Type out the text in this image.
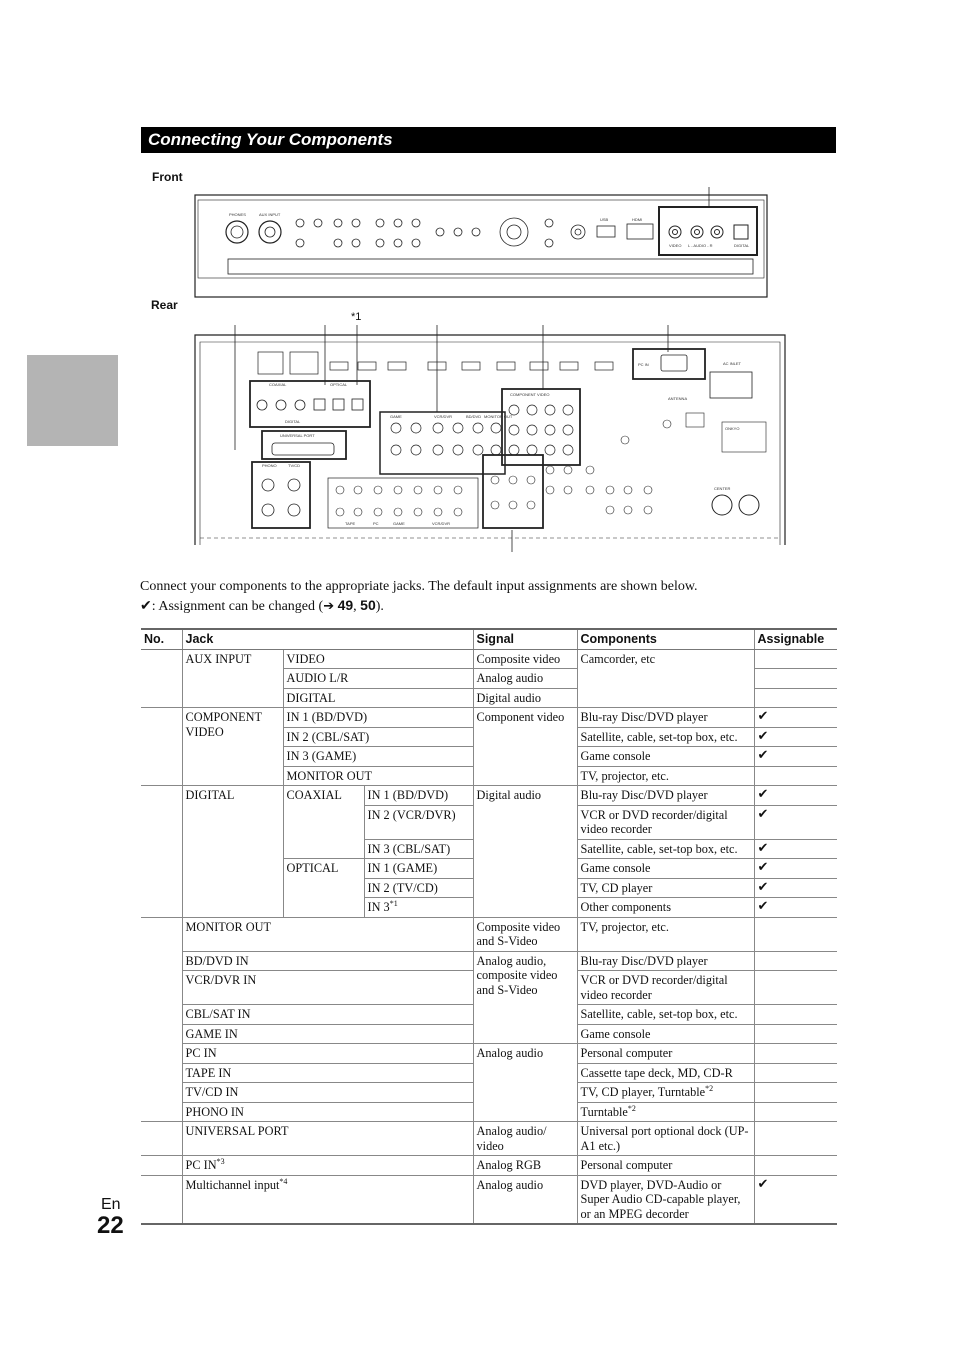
Connecting Your Components
Front
Rear
*1
PHONES	AUX INPUT
VIDEO L - AUDIO - R	DIGITAL
USB	HDMI
COAXIAL	OPTICAL
DIGITAL
UNIVERSAL PORT
PHONO	TV/CD
GAME	VCR/DVR	BD/DVD MONITOR OUT
COMPONENT VIDEO
TAPE	PC	GAME	VCR/DVR
PC IN	AC INLET
ANTENNA
ONKYO
CENTER
Connect your components to the appropriate jacks. The default input assignments are shown below.
✔: Assignment can be changed (➔ 49, 50).
No.	Jack			Signal	Components	Assignable
	AUX INPUT	VIDEO		Composite video	Camcorder, etc	
		AUDIO L/R		Analog audio		
		DIGITAL		Digital audio		
	COMPONENT VIDEO	IN 1 (BD/DVD)		Component video	Blu-ray Disc/DVD player	✔
		IN 2 (CBL/SAT)			Satellite, cable, set-top box, etc.	✔
		IN 3 (GAME)			Game console	✔
		MONITOR OUT			TV, projector, etc.	
	DIGITAL	COAXIAL	IN 1 (BD/DVD)	Digital audio	Blu-ray Disc/DVD player	✔
			IN 2 (VCR/DVR)		VCR or DVD recorder/digital video recorder	✔
			IN 3 (CBL/SAT)		Satellite, cable, set-top box, etc.	✔
		OPTICAL	IN 1 (GAME)		Game console	✔
			IN 2 (TV/CD)		TV, CD player	✔
			IN 3$^{*1}$		Other components	✔
	MONITOR OUT			Composite video and S-Video	TV, projector, etc.	
	BD/DVD IN			Analog audio, composite video and S-Video	Blu-ray Disc/DVD player	
	VCR/DVR IN				VCR or DVD recorder/digital video recorder	
	CBL/SAT IN				Satellite, cable, set-top box, etc.	
	GAME IN				Game console	
	PC IN			Analog audio	Personal computer	
	TAPE IN				Cassette tape deck, MD, CD-R	
	TV/CD IN				TV, CD player, Turntable$^{*2}$	
	PHONO IN				Turntable$^{*2}$	
	UNIVERSAL PORT			Analog audio/ video	Universal port optional dock (UP-A1 etc.)	
	PC IN$^{*3}$			Analog RGB	Personal computer	
	Multichannel input$^{*4}$			Analog audio	DVD player, DVD-Audio or Super Audio CD-capable player, or an MPEG decorder	✔
En
22
